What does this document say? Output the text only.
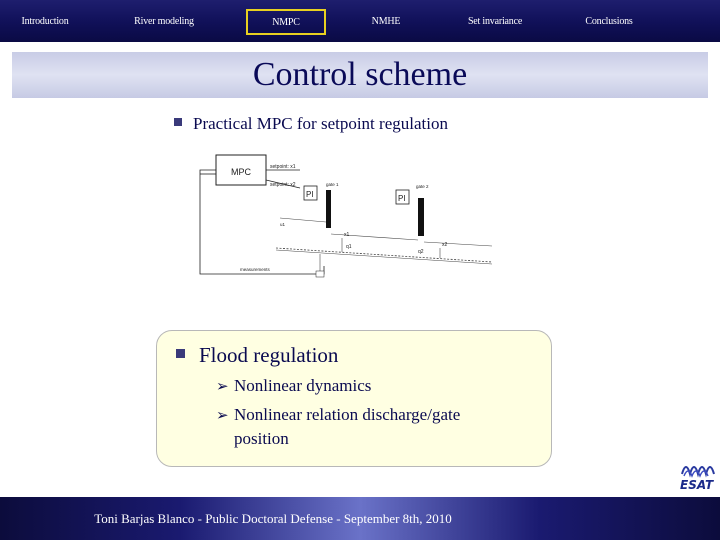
Introduction	River modeling	NMPC	NMHE	Set invariance	Conclusions
Control scheme
Practical MPC for setpoint regulation
MPC	setpoint: x1
setpoint: x2
measurements
PI
gate 1
PI
gate 2
u1
x1
q1	x2
q2
Flood regulation
➢ Nonlinear dynamics
➢ Nonlinear relation discharge/gate
position
Toni Barjas Blanco - Public Doctoral Defense - September 8th, 2010
ESAT
